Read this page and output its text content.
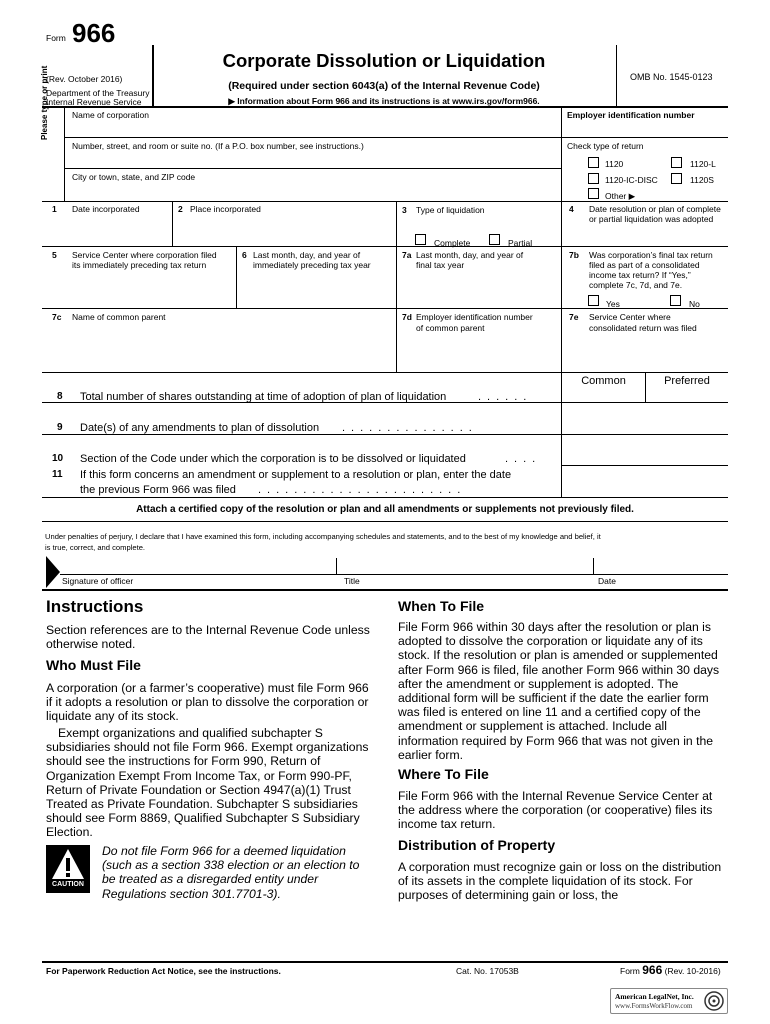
Form 966
(Rev. October 2016)
Department of the Treasury
Internal Revenue Service
Corporate Dissolution or Liquidation
(Required under section 6043(a) of the Internal Revenue Code)
▶ Information about Form 966 and its instructions is at www.irs.gov/form966.
OMB No. 1545-0123
Please type or print	Name of corporation	Employer identification number
Number, street, and room or suite no. (If a P.O. box number, see instructions.)	Check type of return
City or town, state, and ZIP code
1120	1120-L
1120-IC-DISC	1120S
Other ▶
1 Date incorporated	2 Place incorporated	3 Type of liquidation
Complete	Partial
4 Date resolution or plan of complete
or partial liquidation was adopted
5 Service Center where corporation filed
its immediately preceding tax return
6 Last month, day, and year of
immediately preceding tax year
7a Last month, day, and year of
final tax year
7b Was corporation’s final tax return
filed as part of a consolidated
income tax return? If “Yes,”
complete 7c, 7d, and 7e.
Yes	No
7c Name of common parent	7d Employer identification number
of common parent
7e Service Center where
consolidated return was filed
Common	Preferred
8 Total number of shares outstanding at time of adoption of plan of liquidation	......
9 Date(s) of any amendments to plan of dissolution ...............
10 Section of the Code under which the corporation is to be dissolved or liquidated	....
11 If this form concerns an amendment or supplement to a resolution or plan, enter the date
the previous Form 966 was filed .......................
Attach a certified copy of the resolution or plan and all amendments or supplements not previously filed.
Under penalties of perjury, I declare that I have examined this form, including accompanying schedules and statements, and to the best of my knowledge and belief, it
is true, correct, and complete.
Signature of officer	Title	Date
Instructions
Section references are to the Internal Revenue Code unless otherwise noted.
Who Must File
A corporation (or a farmer’s cooperative) must file Form 966 if it adopts a resolution or plan to dissolve the corporation or liquidate any of its stock.
Exempt organizations and qualified subchapter S subsidiaries should not file Form 966. Exempt organizations should see the instructions for Form 990, Return of Organization Exempt From Income Tax, or Form 990-PF, Return of Private Foundation or Section 4947(a)(1) Trust Treated as Private Foundation. Subchapter S subsidiaries should see Form 8869, Qualified Subchapter S Subsidiary Election.
CAUTION
Do not file Form 966 for a deemed liquidation (such as a section 338 election or an election to be treated as a disregarded entity under Regulations section 301.7701-3).
When To File
File Form 966 within 30 days after the resolution or plan is adopted to dissolve the corporation or liquidate any of its stock. If the resolution or plan is amended or supplemented after Form 966 is filed, file another Form 966 within 30 days after the amendment or supplement is adopted. The additional form will be sufficient if the date the earlier form was filed is entered on line 11 and a certified copy of the amendment or supplement is attached. Include all information required by Form 966 that was not given in the earlier form.
Where To File
File Form 966 with the Internal Revenue Service Center at the address where the corporation (or cooperative) files its income tax return.
Distribution of Property
A corporation must recognize gain or loss on the distribution of its assets in the complete liquidation of its stock. For purposes of determining gain or loss, the
For Paperwork Reduction Act Notice, see the instructions.	Cat. No. 17053B	Form 966 (Rev. 10-2016)
American LegalNet, Inc.
www.FormsWorkFlow.com
